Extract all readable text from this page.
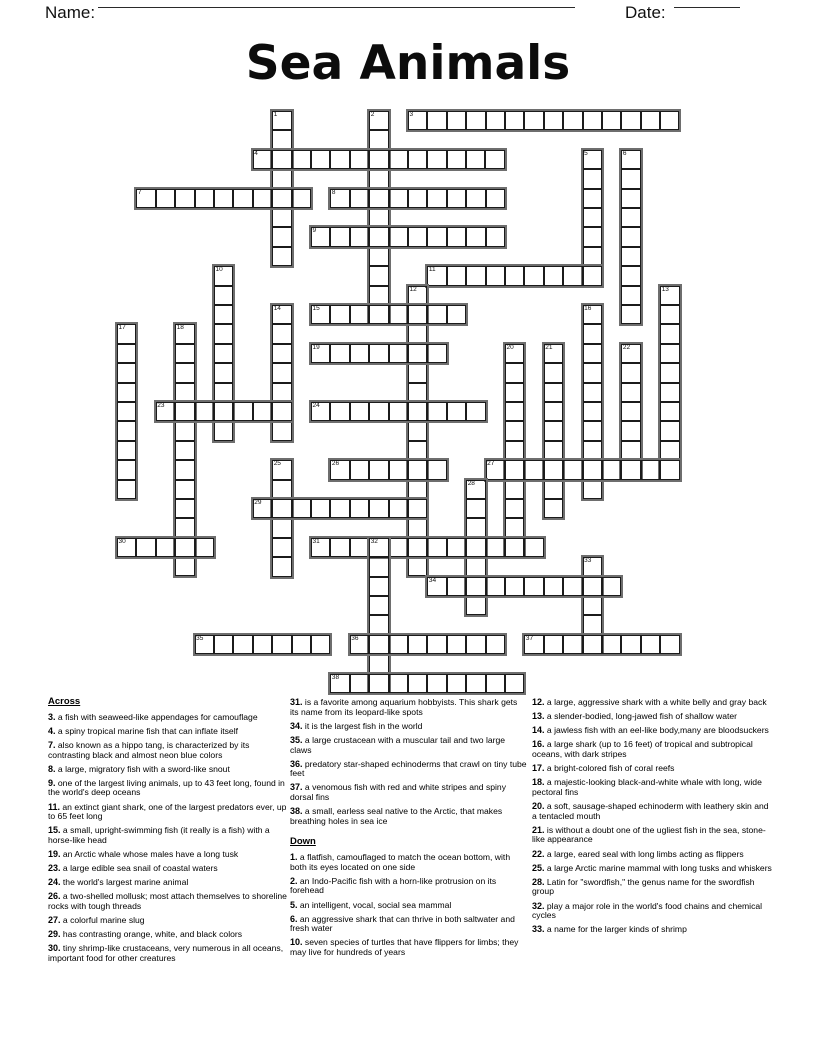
Name:	Date:
Sea Animals
1	2	3
4	5	6
7	8
9
10	11
12	13
14	15	16
17	18
19	20	21	22
23	24
25	26	27
28
29
30	31	32
33
34
35	36	37
38
Across

3. a fish with seaweed-like appendages for camouflage

4. a spiny tropical marine fish that can inflate itself

7. also known as a hippo tang, is characterized by its contrasting black and almost neon blue colors

8. a large, migratory fish with a sword-like snout

9. one of the largest living animals, up to 43 feet long, found in the world's deep oceans

11. an extinct giant shark, one of the largest predators ever, up to 65 feet long

15. a small, upright-swimming fish (it really is a fish) with a horse-like head

19. an Arctic whale whose males have a long tusk

23. a large edible sea snail of coastal waters

24. the world's largest marine animal

26. a two-shelled mollusk; most attach themselves to shoreline rocks with tough threads

27. a colorful marine slug

29. has contrasting orange, white, and black colors

30. tiny shrimp-like crustaceans, very numerous in all oceans, important food for other creatures

31. is a favorite among aquarium hobbyists. This shark gets its name from its leopard-like spots

34. it is the largest fish in the world

35. a large crustacean with a muscular tail and two large claws

36. predatory star-shaped echinoderms that crawl on tiny tube feet

37. a venomous fish with red and white stripes and spiny dorsal fins

38. a small, earless seal native to the Arctic, that makes breathing holes in sea ice

Down

1. a flatfish, camouflaged to match the ocean bottom, with both its eyes located on one side

2. an Indo-Pacific fish with a horn-like protrusion on its forehead

5. an intelligent, vocal, social sea mammal

6. an aggressive shark that can thrive in both saltwater and fresh water

10. seven species of turtles that have flippers for limbs; they may live for hundreds of years

12. a large, aggressive shark with a white belly and gray back

13. a slender-bodied, long-jawed fish of shallow water

14. a jawless fish with an eel-like body,many are bloodsuckers

16. a large shark (up to 16 feet) of tropical and subtropical oceans, with dark stripes

17. a bright-colored fish of coral reefs

18. a majestic-looking black-and-white whale with long, wide pectoral fins

20. a soft, sausage-shaped echinoderm with leathery skin and a tentacled mouth

21. is without a doubt one of the ugliest fish in the sea, stone-like appearance

22. a large, eared seal with long limbs acting as flippers

25. a large Arctic marine mammal with long tusks and whiskers

28. Latin for "swordfish," the genus name for the swordfish group

32. play a major role in the world's food chains and chemical cycles

33. a name for the larger kinds of shrimp
